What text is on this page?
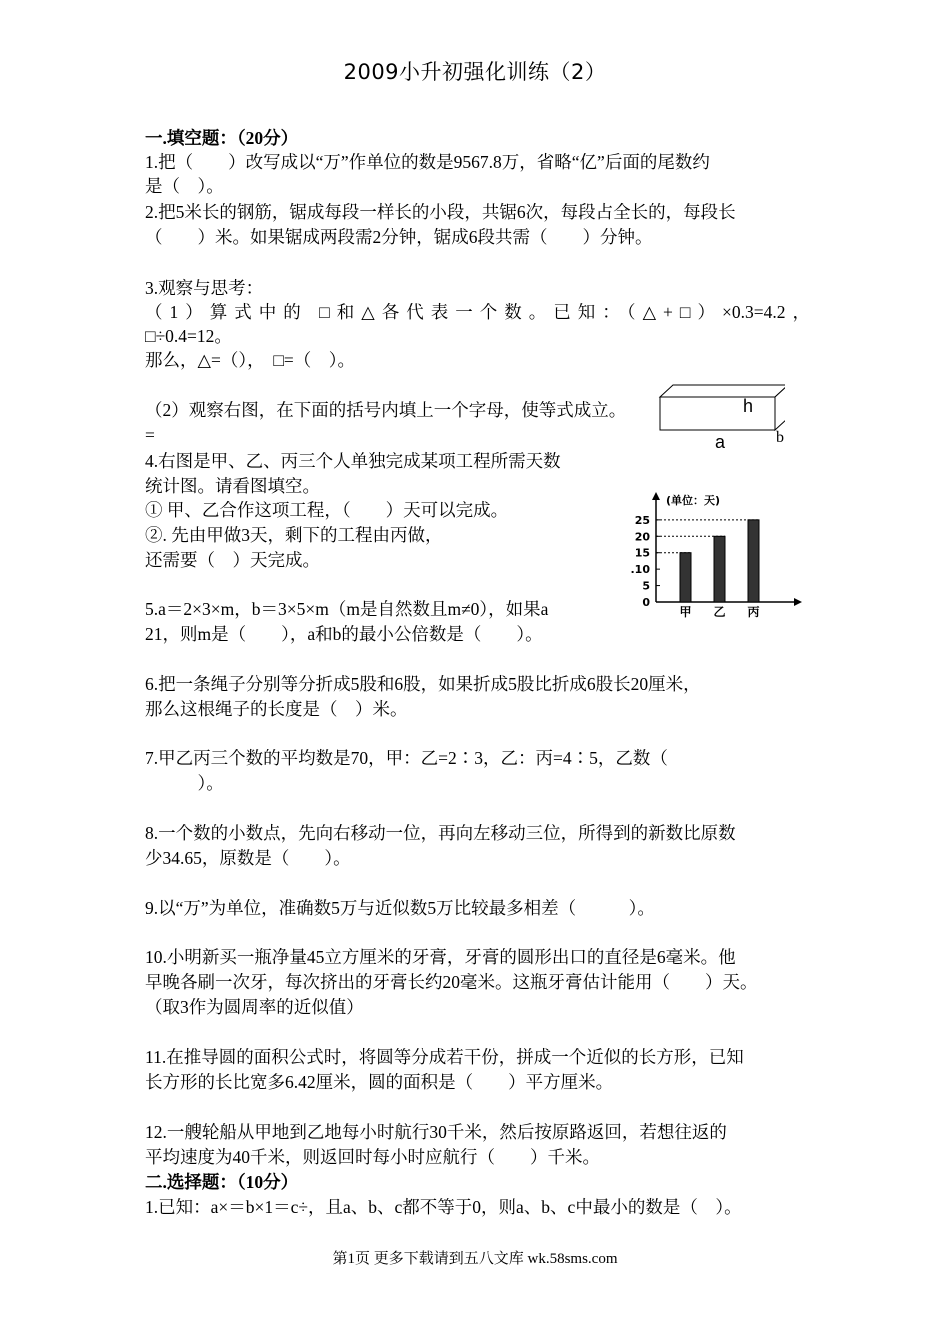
2009小升初强化训练（2）
一.填空题：（20分）
1.把（　　）改写成以“万”作单位的数是9567.8万，省略“亿”后面的尾数约
是（　）。
2.把5米长的钢筋，锯成每段一样长的小段，共锯6次，每段占全长的，每段长
（　　）米。如果锯成两段需2分钟，锯成6段共需（　　）分钟。
3.观察与思考：
（1）算式中的 □和△各代表一个数。已知：（△+□）×0.3=4.2，
□÷0.4=12。
那么，△=（），　□=（　）。
（2）观察右图，在下面的括号内填上一个字母，使等式成立。
=
4.右图是甲、乙、丙三个人单独完成某项工程所需天数
统计图。请看图填空。
① 甲、乙合作这项工程，（　　）天可以完成。
②. 先由甲做3天，剩下的工程由丙做，
还需要（　）天完成。
5.a＝2×3×m，b＝3×5×m（m是自然数且m≠0），如果a
21，则m是（　　），a和b的最小公倍数是（　　）。
6.把一条绳子分别等分折成5股和6股，如果折成5股比折成6股长20厘米，
那么这根绳子的长度是（　）米。
7.甲乙丙三个数的平均数是70，甲：乙=2∶3，乙：丙=4∶5，乙数（
　　　）。
8.一个数的小数点，先向右移动一位，再向左移动三位，所得到的新数比原数
少34.65，原数是（　　）。
9.以“万”为单位，准确数5万与近似数5万比较最多相差（　　　）。
10.小明新买一瓶净量45立方厘米的牙膏，牙膏的圆形出口的直径是6毫米。他
早晚各刷一次牙，每次挤出的牙膏长约20毫米。这瓶牙膏估计能用（　　）天。
（取3作为圆周率的近似值）
11.在推导圆的面积公式时，将圆等分成若干份，拼成一个近似的长方形，已知
长方形的长比宽多6.42厘米，圆的面积是（　　）平方厘米。
12.一艘轮船从甲地到乙地每小时航行30千米，然后按原路返回，若想往返的
平均速度为40千米，则返回时每小时应航行（　　）千米。
二.选择题：（10分）
1.已知：a×＝b×1＝c÷，且a、b、c都不等于0，则a、b、c中最小的数是（　）。
h
a	b
(单位：天)
25
20
15
.10
5
0
甲 乙 丙
第1页 更多下载请到五八文库 wk.58sms.com
